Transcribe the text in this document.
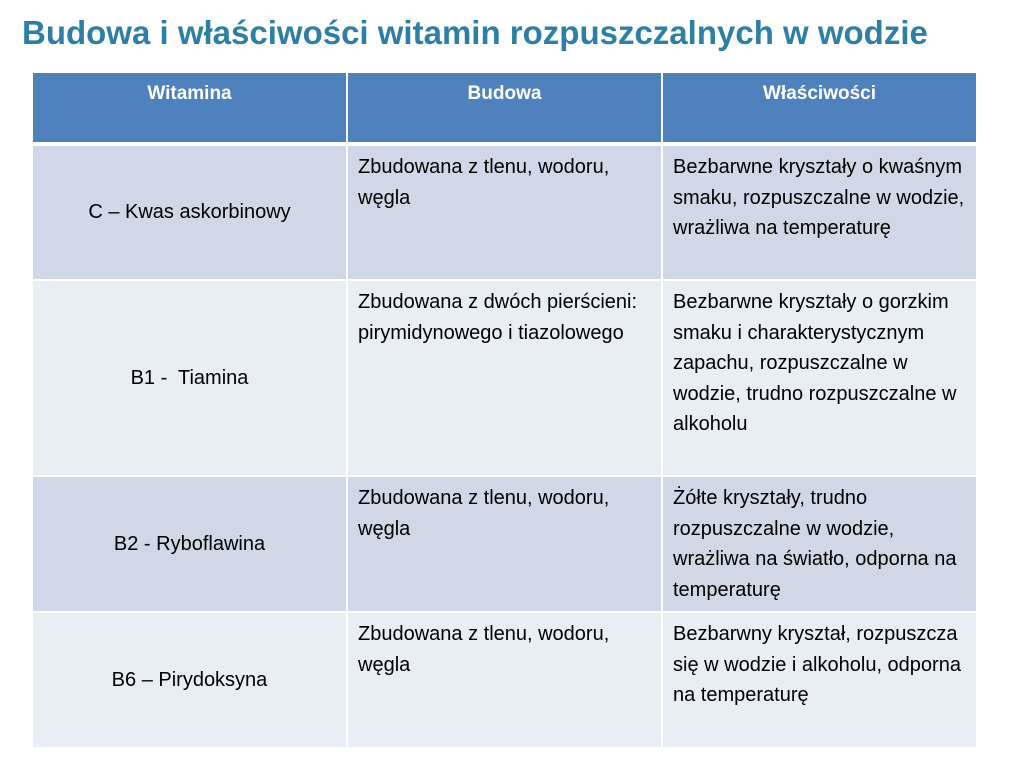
Budowa i właściwości witamin rozpuszczalnych w wodzie
Witamina	Budowa	Właściwości
C – Kwas askorbinowy	Zbudowana z tlenu, wodoru, węgla	Bezbarwne kryształy o kwaśnym smaku, rozpuszczalne w wodzie, wrażliwa na temperaturę
B1 -  Tiamina	Zbudowana z dwóch pierścieni: pirymidynowego i tiazolowego	Bezbarwne kryształy o gorzkim smaku i charakterystycznym zapachu, rozpuszczalne w wodzie, trudno rozpuszczalne w alkoholu
B2 - Ryboflawina	Zbudowana z tlenu, wodoru, węgla	Żółte kryształy, trudno rozpuszczalne w wodzie, wrażliwa na światło, odporna na temperaturę
B6 – Pirydoksyna	Zbudowana z tlenu, wodoru, węgla	Bezbarwny kryształ, rozpuszcza się w wodzie i alkoholu, odporna na temperaturę
